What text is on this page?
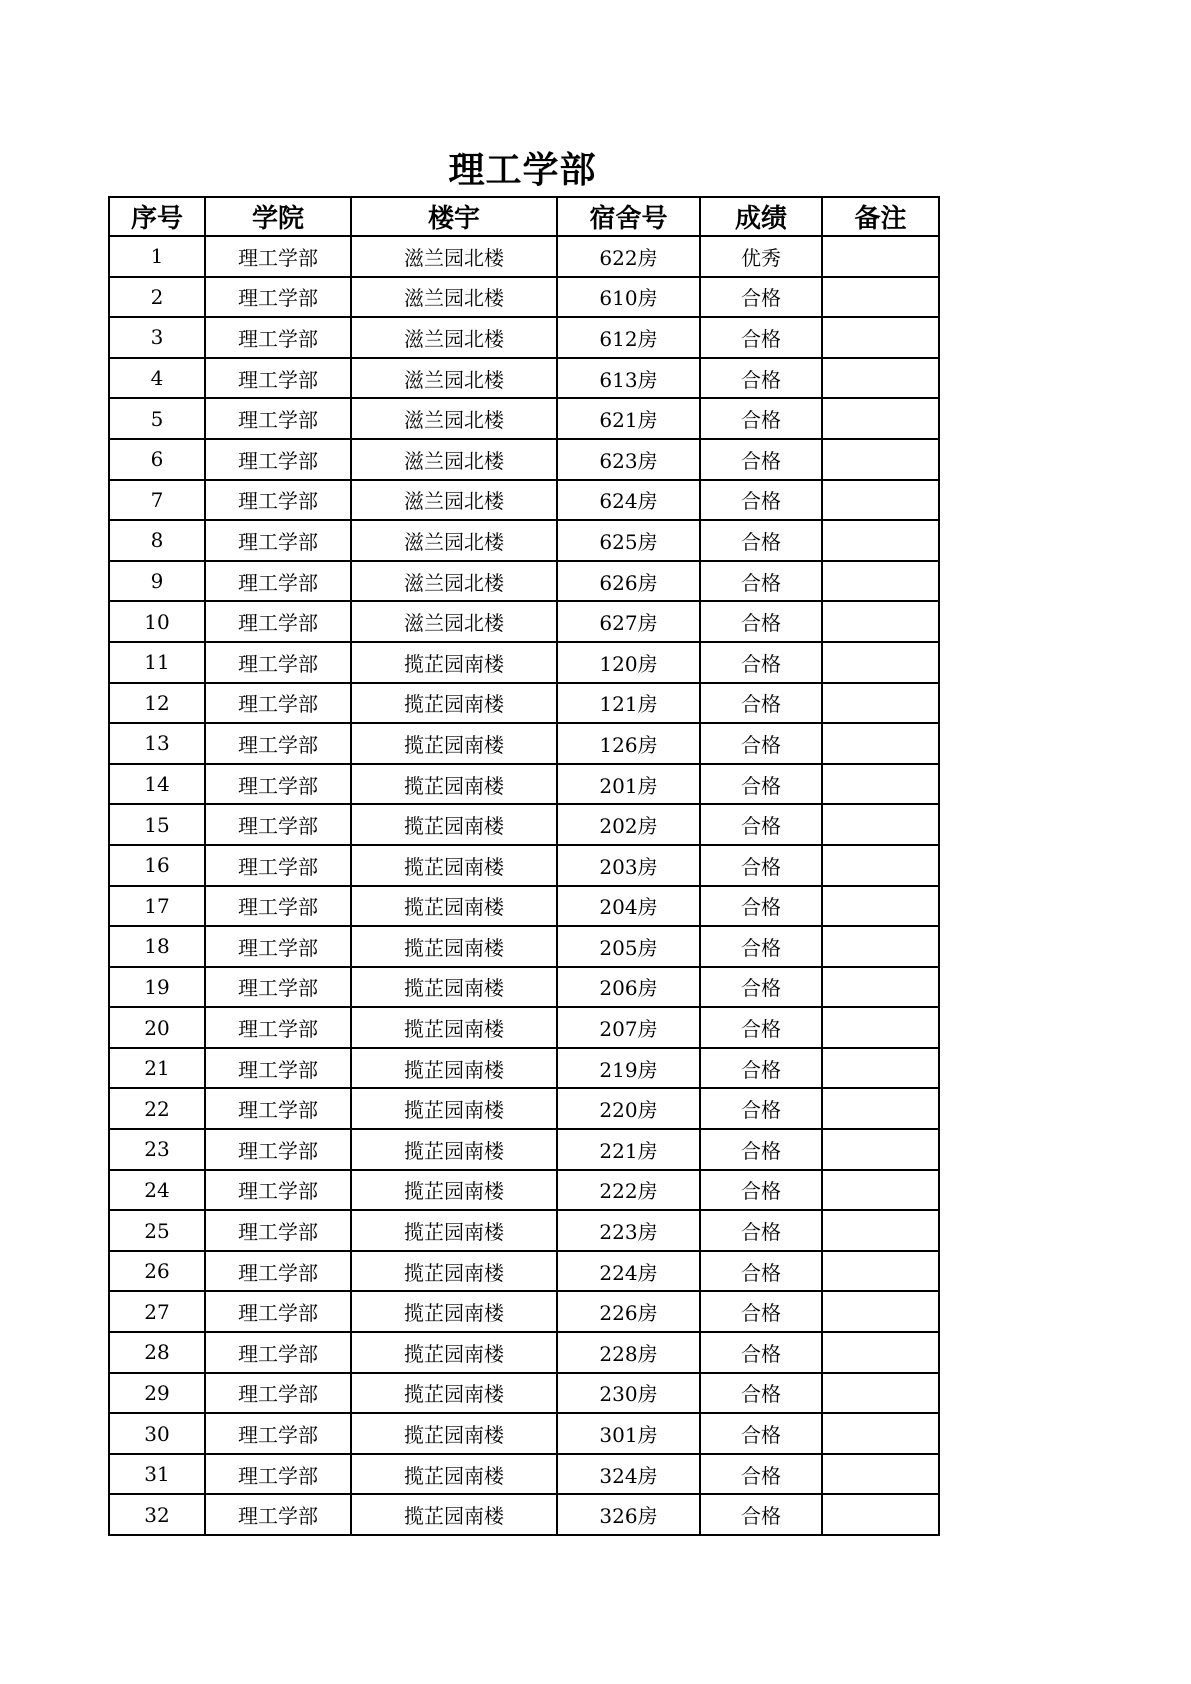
理工学部
序号	学院	楼宇	宿舍号	成绩	备注
1	理工学部	滋兰园北楼	622房	优秀	
2	理工学部	滋兰园北楼	610房	合格	
3	理工学部	滋兰园北楼	612房	合格	
4	理工学部	滋兰园北楼	613房	合格	
5	理工学部	滋兰园北楼	621房	合格	
6	理工学部	滋兰园北楼	623房	合格	
7	理工学部	滋兰园北楼	624房	合格	
8	理工学部	滋兰园北楼	625房	合格	
9	理工学部	滋兰园北楼	626房	合格	
10	理工学部	滋兰园北楼	627房	合格	
11	理工学部	揽芷园南楼	120房	合格	
12	理工学部	揽芷园南楼	121房	合格	
13	理工学部	揽芷园南楼	126房	合格	
14	理工学部	揽芷园南楼	201房	合格	
15	理工学部	揽芷园南楼	202房	合格	
16	理工学部	揽芷园南楼	203房	合格	
17	理工学部	揽芷园南楼	204房	合格	
18	理工学部	揽芷园南楼	205房	合格	
19	理工学部	揽芷园南楼	206房	合格	
20	理工学部	揽芷园南楼	207房	合格	
21	理工学部	揽芷园南楼	219房	合格	
22	理工学部	揽芷园南楼	220房	合格	
23	理工学部	揽芷园南楼	221房	合格	
24	理工学部	揽芷园南楼	222房	合格	
25	理工学部	揽芷园南楼	223房	合格	
26	理工学部	揽芷园南楼	224房	合格	
27	理工学部	揽芷园南楼	226房	合格	
28	理工学部	揽芷园南楼	228房	合格	
29	理工学部	揽芷园南楼	230房	合格	
30	理工学部	揽芷园南楼	301房	合格	
31	理工学部	揽芷园南楼	324房	合格	
32	理工学部	揽芷园南楼	326房	合格	
